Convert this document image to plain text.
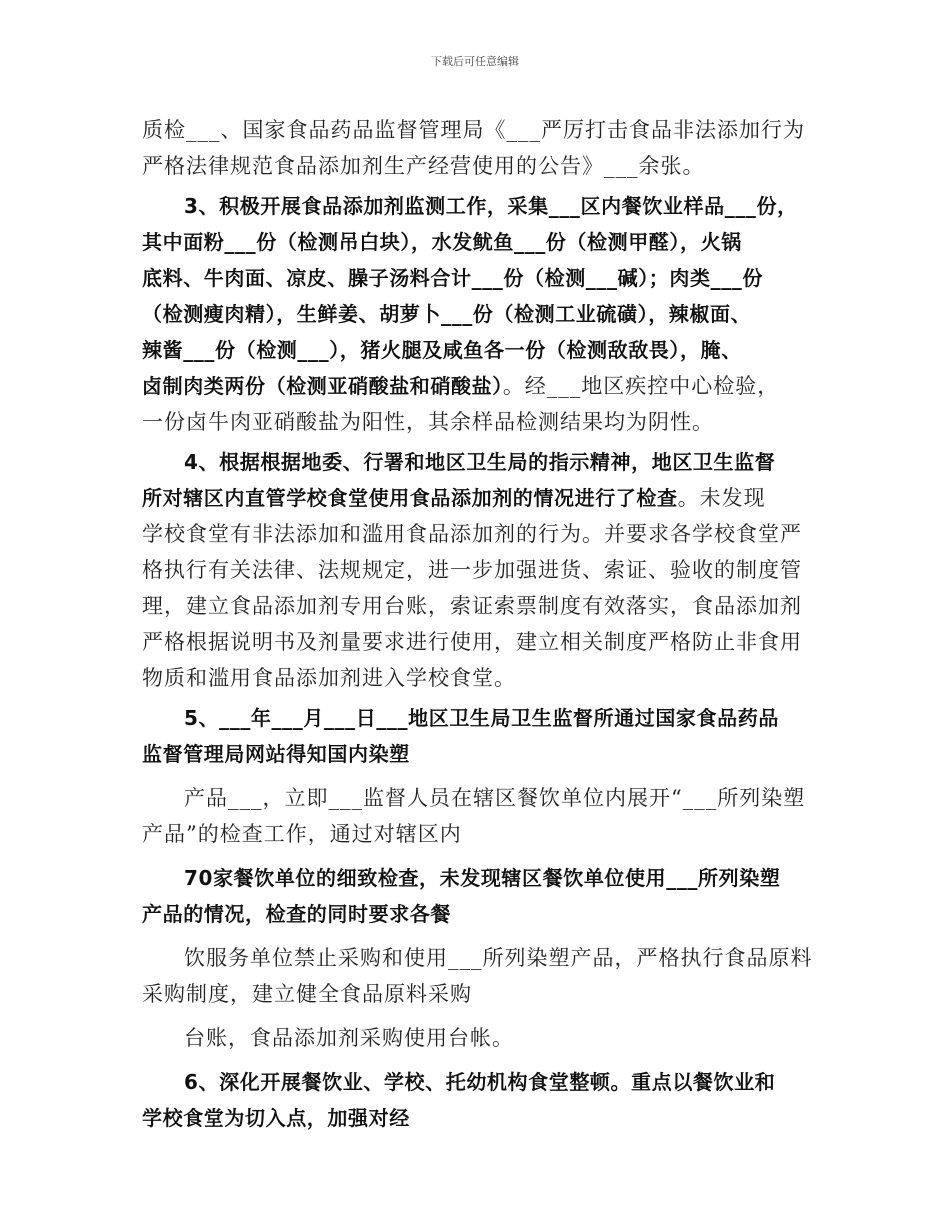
下载后可任意编辑
质检___、国家食品药品监督管理局《___严厉打击食品非法添加行为
严格法律规范食品添加剂生产经营使用的公告》___余张。
3、积极开展食品添加剂监测工作，采集___区内餐饮业样品___份，
其中面粉___份（检测吊白块），水发鱿鱼___份（检测甲醛），火锅
底料、牛肉面、凉皮、臊子汤料合计___份（检测___碱）；肉类___份
（检测瘦肉精），生鲜姜、胡萝卜___份（检测工业硫磺），辣椒面、
辣酱___份（检测___），猪火腿及咸鱼各一份（检测敌敌畏），腌、
卤制肉类两份（检测亚硝酸盐和硝酸盐）。经___地区疾控中心检验，
一份卤牛肉亚硝酸盐为阳性，其余样品检测结果均为阴性。
4、根据根据地委、行署和地区卫生局的指示精神，地区卫生监督
所对辖区内直管学校食堂使用食品添加剂的情况进行了检查。未发现
学校食堂有非法添加和滥用食品添加剂的行为。并要求各学校食堂严
格执行有关法律、法规规定，进一步加强进货、索证、验收的制度管
理，建立食品添加剂专用台账，索证索票制度有效落实，食品添加剂
严格根据说明书及剂量要求进行使用，建立相关制度严格防止非食用
物质和滥用食品添加剂进入学校食堂。
5、___年___月___日___地区卫生局卫生监督所通过国家食品药品
监督管理局网站得知国内染塑
产品___，立即___监督人员在辖区餐饮单位内展开“___所列染塑
产品”的检查工作，通过对辖区内
70家餐饮单位的细致检查，未发现辖区餐饮单位使用___所列染塑
产品的情况，检查的同时要求各餐
饮服务单位禁止采购和使用___所列染塑产品，严格执行食品原料
采购制度，建立健全食品原料采购
台账，食品添加剂采购使用台帐。
6、深化开展餐饮业、学校、托幼机构食堂整顿。重点以餐饮业和
学校食堂为切入点，加强对经
